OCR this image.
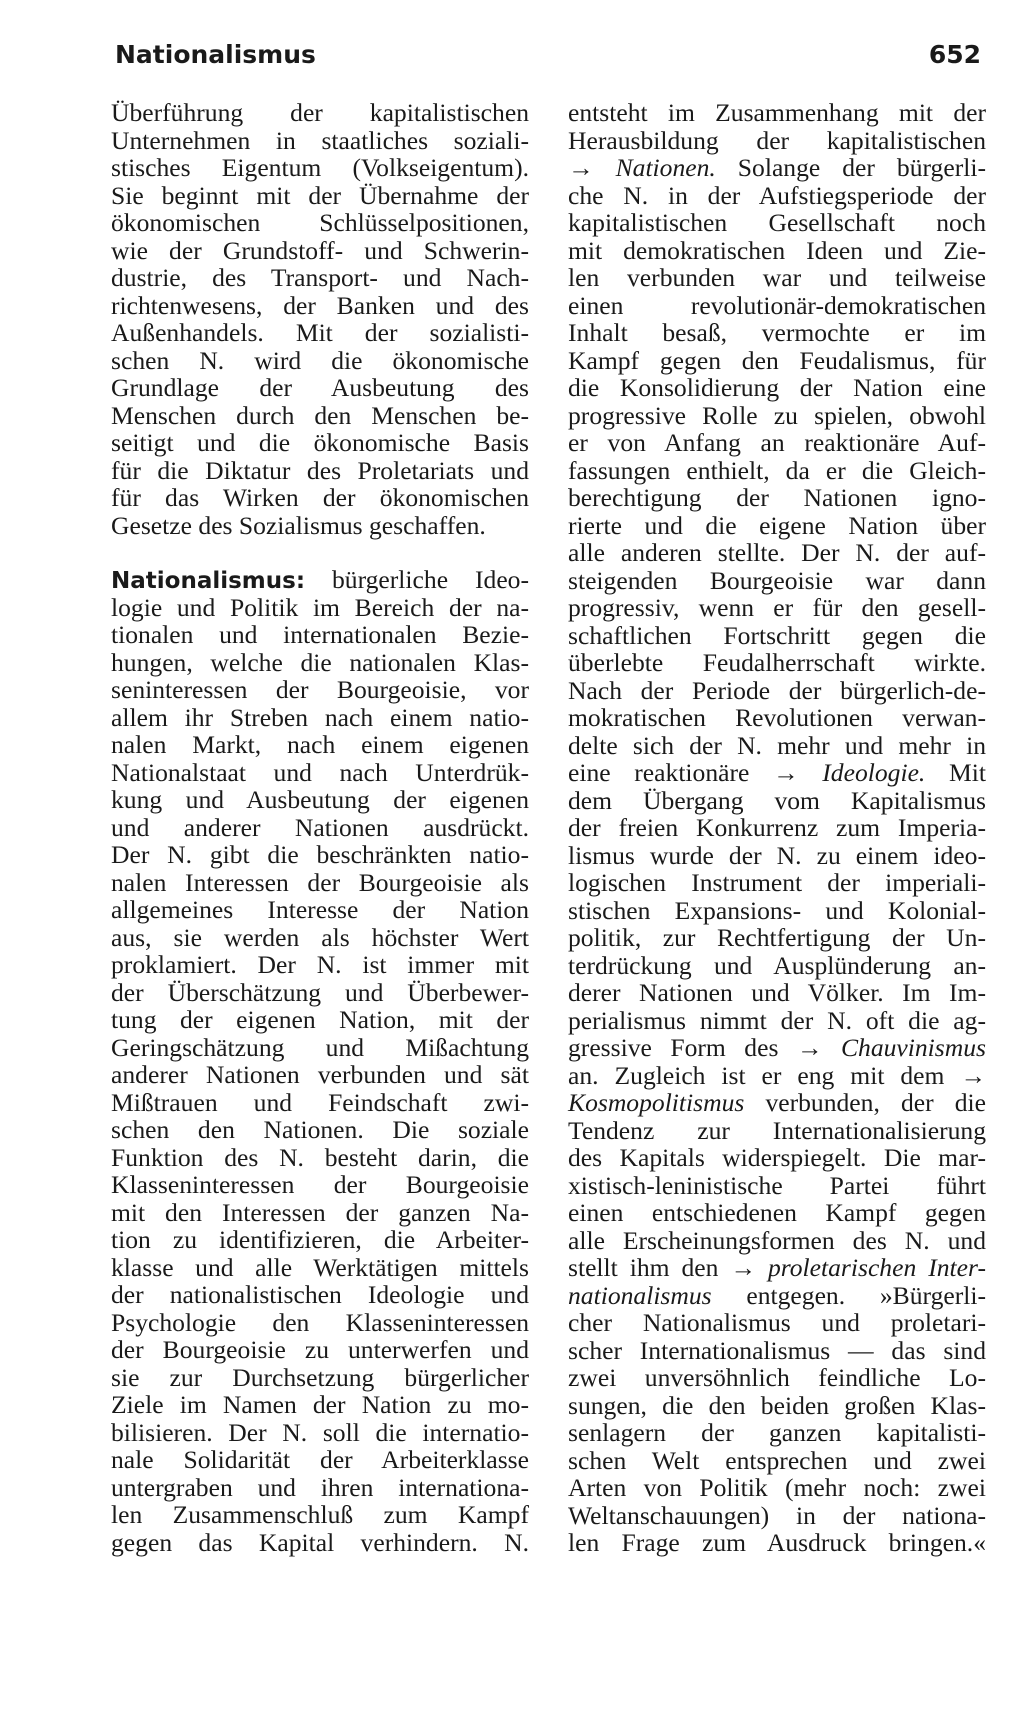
Nationalismus	652
Überführung der kapitalistischen
Unternehmen in staatliches soziali-
stisches Eigentum (Volkseigentum).
Sie beginnt mit der Übernahme der
ökonomischen Schlüsselpositionen,
wie der Grundstoff- und Schwerin-
dustrie, des Transport- und Nach-
richtenwesens, der Banken und des
Außenhandels. Mit der sozialisti-
schen N. wird die ökonomische
Grundlage der Ausbeutung des
Menschen durch den Menschen be-
seitigt und die ökonomische Basis
für die Diktatur des Proletariats und
für das Wirken der ökonomischen
Gesetze des Sozialismus geschaffen.
Nationalismus: bürgerliche Ideo-
logie und Politik im Bereich der na-
tionalen und internationalen Bezie-
hungen, welche die nationalen Klas-
seninteressen der Bourgeoisie, vor
allem ihr Streben nach einem natio-
nalen Markt, nach einem eigenen
Nationalstaat und nach Unterdrük-
kung und Ausbeutung der eigenen
und anderer Nationen ausdrückt.
Der N. gibt die beschränkten natio-
nalen Interessen der Bourgeoisie als
allgemeines Interesse der Nation
aus, sie werden als höchster Wert
proklamiert. Der N. ist immer mit
der Überschätzung und Überbewer-
tung der eigenen Nation, mit der
Geringschätzung und Mißachtung
anderer Nationen verbunden und sät
Mißtrauen und Feindschaft zwi-
schen den Nationen. Die soziale
Funktion des N. besteht darin, die
Klasseninteressen der Bourgeoisie
mit den Interessen der ganzen Na-
tion zu identifizieren, die Arbeiter-
klasse und alle Werktätigen mittels
der nationalistischen Ideologie und
Psychologie den Klasseninteressen
der Bourgeoisie zu unterwerfen und
sie zur Durchsetzung bürgerlicher
Ziele im Namen der Nation zu mo-
bilisieren. Der N. soll die internatio-
nale Solidarität der Arbeiterklasse
untergraben und ihren internationa-
len Zusammenschluß zum Kampf
gegen das Kapital verhindern. N.
entsteht im Zusammenhang mit der
Herausbildung der kapitalistischen
→ Nationen. Solange der bürgerli-
che N. in der Aufstiegsperiode der
kapitalistischen Gesellschaft noch
mit demokratischen Ideen und Zie-
len verbunden war und teilweise
einen revolutionär-demokratischen
Inhalt besaß, vermochte er im
Kampf gegen den Feudalismus, für
die Konsolidierung der Nation eine
progressive Rolle zu spielen, obwohl
er von Anfang an reaktionäre Auf-
fassungen enthielt, da er die Gleich-
berechtigung der Nationen igno-
rierte und die eigene Nation über
alle anderen stellte. Der N. der auf-
steigenden Bourgeoisie war dann
progressiv, wenn er für den gesell-
schaftlichen Fortschritt gegen die
überlebte Feudalherrschaft wirkte.
Nach der Periode der bürgerlich-de-
mokratischen Revolutionen verwan-
delte sich der N. mehr und mehr in
eine reaktionäre → Ideologie. Mit
dem Übergang vom Kapitalismus
der freien Konkurrenz zum Imperia-
lismus wurde der N. zu einem ideo-
logischen Instrument der imperiali-
stischen Expansions- und Kolonial-
politik, zur Rechtfertigung der Un-
terdrückung und Ausplünderung an-
derer Nationen und Völker. Im Im-
perialismus nimmt der N. oft die ag-
gressive Form des → Chauvinismus
an. Zugleich ist er eng mit dem →
Kosmopolitismus verbunden, der die
Tendenz zur Internationalisierung
des Kapitals widerspiegelt. Die mar-
xistisch-leninistische Partei führt
einen entschiedenen Kampf gegen
alle Erscheinungsformen des N. und
stellt ihm den → proletarischen Inter-
nationalismus entgegen. »Bürgerli-
cher Nationalismus und proletari-
scher Internationalismus — das sind
zwei unversöhnlich feindliche Lo-
sungen, die den beiden großen Klas-
senlagern der ganzen kapitalisti-
schen Welt entsprechen und zwei
Arten von Politik (mehr noch: zwei
Weltanschauungen) in der nationa-
len Frage zum Ausdruck bringen.«
